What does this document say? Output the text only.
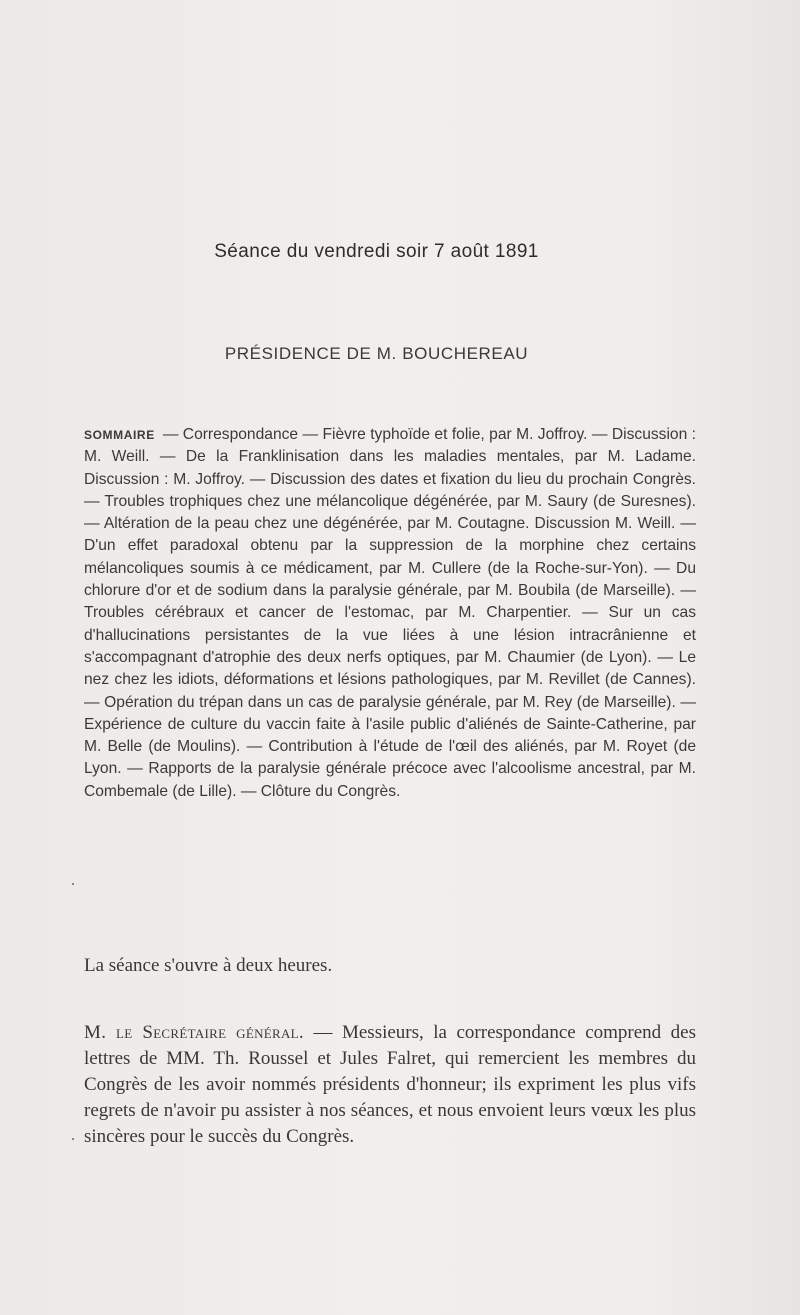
Séance du vendredi soir 7 août 1891
PRÉSIDENCE DE M. BOUCHEREAU
SOMMAIRE — Correspondance — Fièvre typhoïde et folie, par M. Joffroy. — Discussion : M. Weill. — De la Franklinisation dans les maladies mentales, par M. Ladame. Discussion : M. Joffroy. — Discussion des dates et fixation du lieu du prochain Congrès. — Troubles trophiques chez une mélancolique dégénérée, par M. Saury (de Suresnes). — Altération de la peau chez une dégénérée, par M. Coutagne. Discussion M. Weill. — D'un effet paradoxal obtenu par la suppression de la morphine chez certains mélancoliques soumis à ce médicament, par M. Cullere (de la Roche-sur-Yon). — Du chlorure d'or et de sodium dans la paralysie générale, par M. Boubila (de Marseille). — Troubles cérébraux et cancer de l'estomac, par M. Charpentier. — Sur un cas d'hallucinations persistantes de la vue liées à une lésion intracrânienne et s'accompagnant d'atrophie des deux nerfs optiques, par M. Chaumier (de Lyon). — Le nez chez les idiots, déformations et lésions pathologiques, par M. Revillet (de Cannes). — Opération du trépan dans un cas de paralysie générale, par M. Rey (de Marseille). — Expérience de culture du vaccin faite à l'asile public d'aliénés de Sainte-Catherine, par M. Belle (de Moulins). — Contribution à l'étude de l'œil des aliénés, par M. Royet (de Lyon. — Rapports de la paralysie générale précoce avec l'alcoolisme ancestral, par M. Combemale (de Lille). — Clôture du Congrès.
La séance s'ouvre à deux heures.
M. le Secrétaire général. — Messieurs, la correspondance comprend des lettres de MM. Th. Roussel et Jules Falret, qui remercient les membres du Congrès de les avoir nommés présidents d'honneur; ils expriment les plus vifs regrets de n'avoir pu assister à nos séances, et nous envoient leurs vœux les plus sincères pour le succès du Congrès.
